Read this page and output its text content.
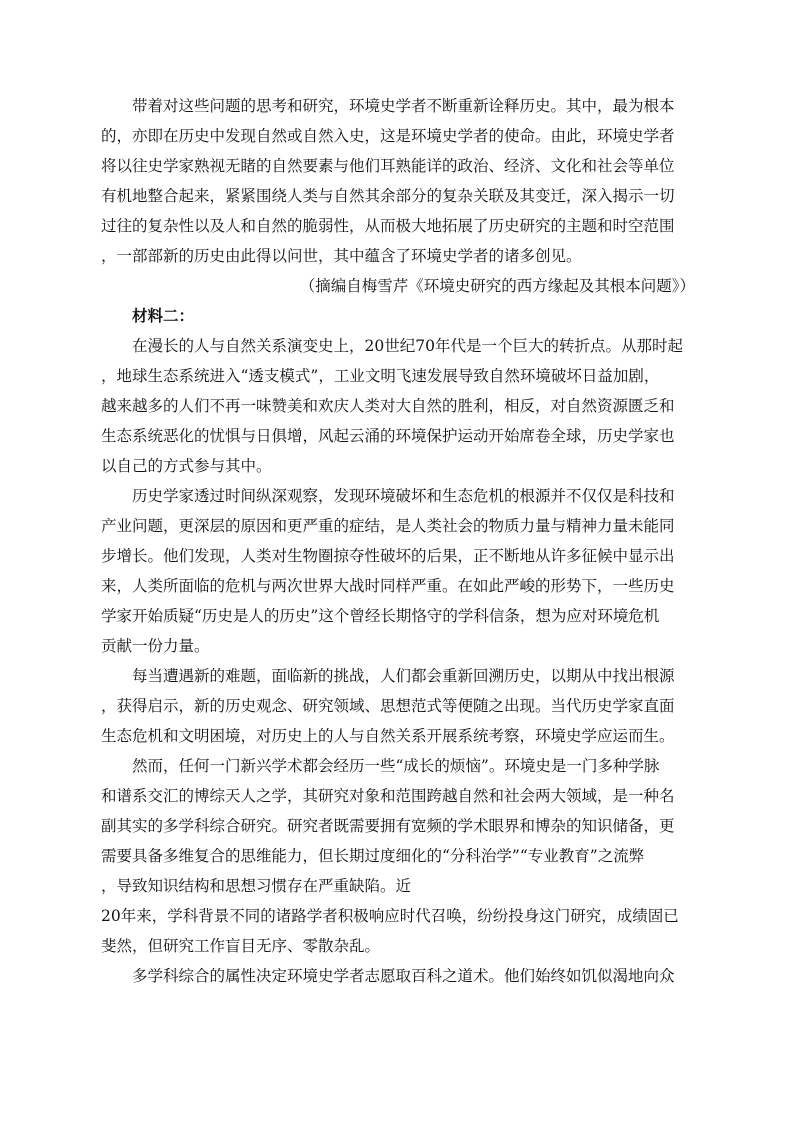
　　带着对这些问题的思考和研究，环境史学者不断重新诠释历史。其中，最为根本
的，亦即在历史中发现自然或自然入史，这是环境史学者的使命。由此，环境史学者
将以往史学家熟视无睹的自然要素与他们耳熟能详的政治、经济、文化和社会等单位
有机地整合起来，紧紧围绕人类与自然其余部分的复杂关联及其变迁，深入揭示一切
过往的复杂性以及人和自然的脆弱性，从而极大地拓展了历史研究的主题和时空范围
，一部部新的历史由此得以问世，其中蕴含了环境史学者的诸多创见。
（摘编自梅雪芹《环境史研究的西方缘起及其根本问题》）
　　材料二：
　　在漫长的人与自然关系演变史上，20世纪70年代是一个巨大的转折点。从那时起
，地球生态系统进入“透支模式”，工业文明飞速发展导致自然环境破坏日益加剧，
越来越多的人们不再一味赞美和欢庆人类对大自然的胜利，相反，对自然资源匮乏和
生态系统恶化的忧惧与日俱增，风起云涌的环境保护运动开始席卷全球，历史学家也
以自己的方式参与其中。
　　历史学家透过时间纵深观察，发现环境破坏和生态危机的根源并不仅仅是科技和
产业问题，更深层的原因和更严重的症结，是人类社会的物质力量与精神力量未能同
步增长。他们发现，人类对生物圈掠夺性破坏的后果，正不断地从许多征候中显示出
来，人类所面临的危机与两次世界大战时同样严重。在如此严峻的形势下，一些历史
学家开始质疑“历史是人的历史”这个曾经长期恪守的学科信条，想为应对环境危机
贡献一份力量。
　　每当遭遇新的难题，面临新的挑战，人们都会重新回溯历史，以期从中找出根源
，获得启示，新的历史观念、研究领域、思想范式等便随之出现。当代历史学家直面
生态危机和文明困境，对历史上的人与自然关系开展系统考察，环境史学应运而生。
　　然而，任何一门新兴学术都会经历一些“成长的烦恼”。环境史是一门多种学脉
和谱系交汇的博综天人之学，其研究对象和范围跨越自然和社会两大领域，是一种名
副其实的多学科综合研究。研究者既需要拥有宽频的学术眼界和博杂的知识储备，更
需要具备多维复合的思维能力，但长期过度细化的“分科治学”“专业教育”之流弊
，导致知识结构和思想习惯存在严重缺陷。近
20年来，学科背景不同的诸路学者积极响应时代召唤，纷纷投身这门研究，成绩固已
斐然，但研究工作盲目无序、零散杂乱。
　　多学科综合的属性决定环境史学者志愿取百科之道术。他们始终如饥似渴地向众
